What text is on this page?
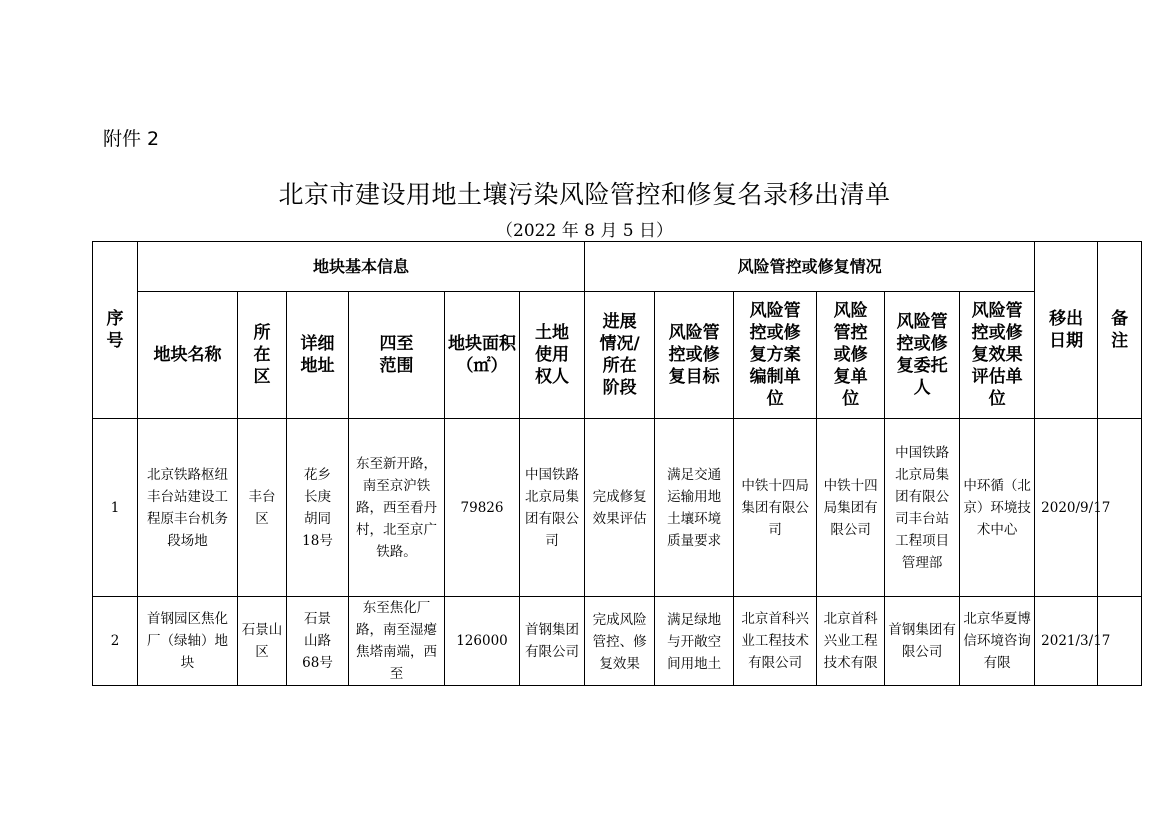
附件 2
北京市建设用地土壤污染风险管控和修复名录移出清单
（2022 年 8 月 5 日）
序号	地块基本信息						风险管控或修复情况						移出日期	备注
	地块名称	所在区	详细地址	四至范围	地块面积（㎡）	土地使用权人	进展情况/所在阶段	风险管控或修复目标	风险管控或修复方案编制单位	风险管控或修复单位	风险管控或修复委托人	风险管控或修复效果评估单位		
1	北京铁路枢纽丰台站建设工程原丰台机务段场地	丰台区	花乡长庚胡同18号	东至新开路，南至京沪铁路，西至看丹村，北至京广铁路。	79826	中国铁路北京局集团有限公司	完成修复效果评估	满足交通运输用地土壤环境质量要求	中铁十四局集团有限公司	中铁十四局集团有限公司	中国铁路北京局集团有限公司丰台站工程项目管理部	中环循（北京）环境技术中心	2020/9/17	
2	首钢园区焦化厂（绿轴）地块	石景山区	石景山路68号	东至焦化厂路，南至湿瘪焦塔南端，西至	126000	首钢集团有限公司	完成风险管控、修复效果	满足绿地与开敞空间用地土	北京首科兴业工程技术有限公司	北京首科兴业工程技术有限	首钢集团有限公司	北京华夏博信环境咨询有限	2021/3/17	
